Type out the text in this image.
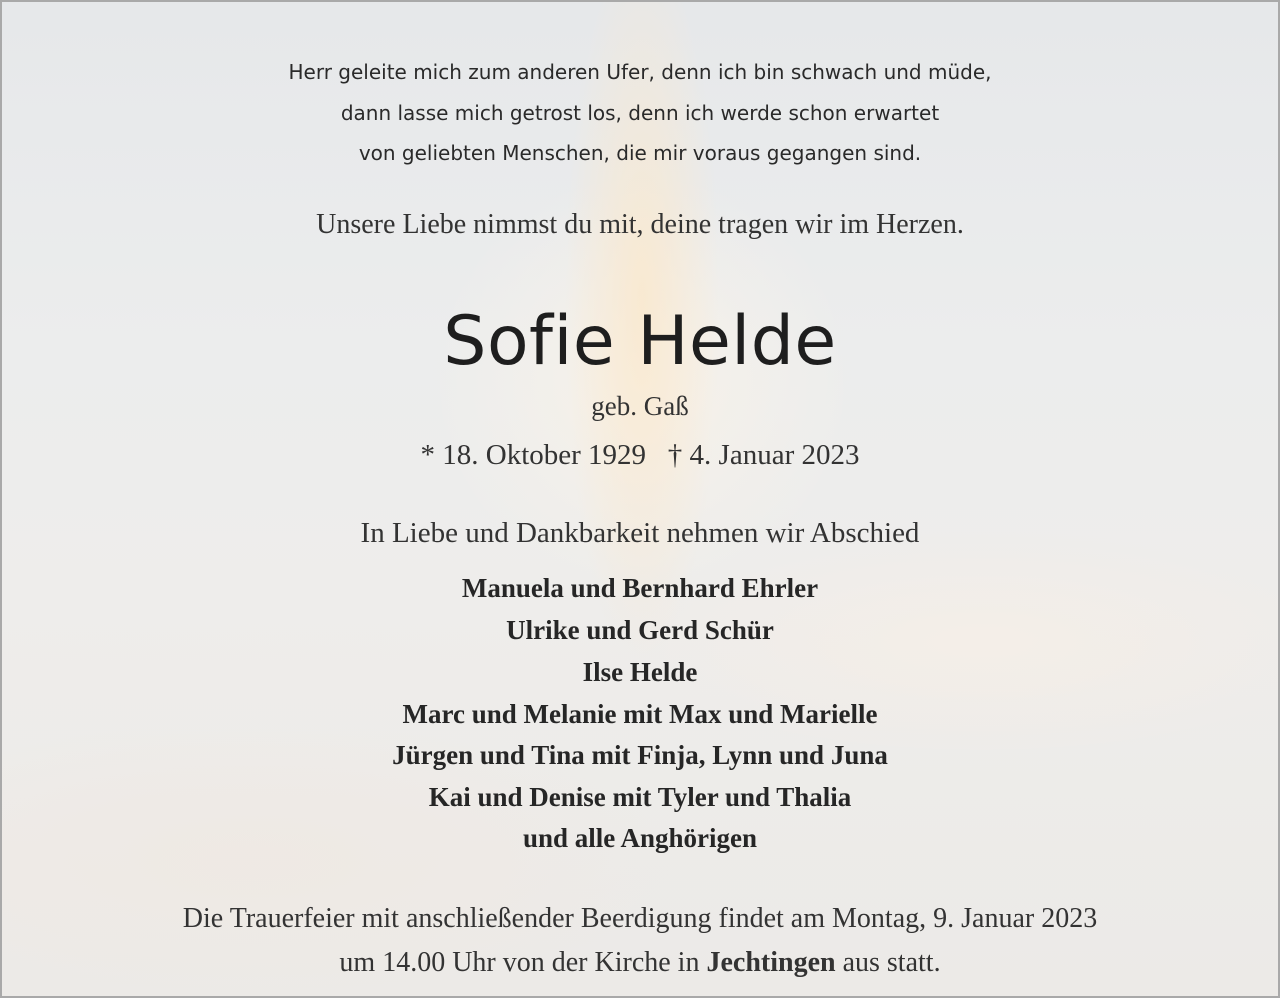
Herr geleite mich zum anderen Ufer, denn ich bin schwach und müde,
dann lasse mich getrost los, denn ich werde schon erwartet
von geliebten Menschen, die mir voraus gegangen sind.
Unsere Liebe nimmst du mit, deine tragen wir im Herzen.
Sofie Helde
geb. Gaß
* 18. Oktober 1929   † 4. Januar 2023
In Liebe und Dankbarkeit nehmen wir Abschied
Manuela und Bernhard Ehrler
Ulrike und Gerd Schür
Ilse Helde
Marc und Melanie mit Max und Marielle
Jürgen und Tina mit Finja, Lynn und Juna
Kai und Denise mit Tyler und Thalia
und alle Anghörigen
Die Trauerfeier mit anschließender Beerdigung findet am Montag, 9. Januar 2023
um 14.00 Uhr von der Kirche in Jechtingen aus statt.
